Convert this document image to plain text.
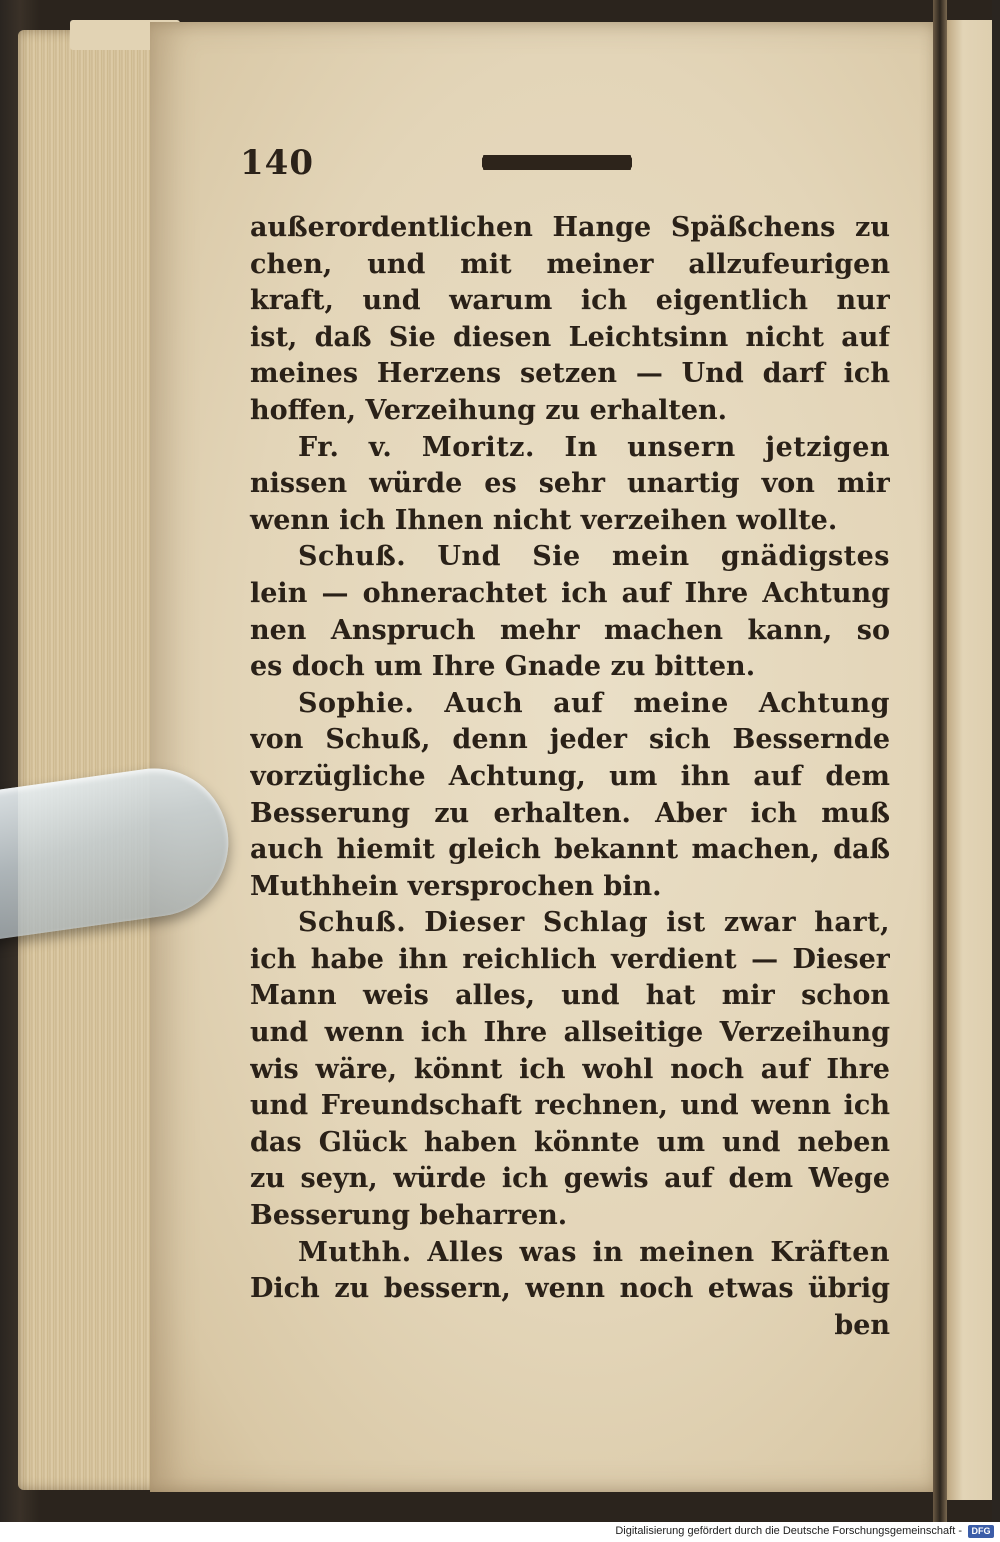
140
außerordentlichen Hange Späßchens zu
chen, und mit meiner allzufeurigen
kraft, und warum ich eigentlich nur
ist, daß Sie diesen Leichtsinn nicht auf
meines Herzens setzen — Und darf ich
hoffen, Verzeihung zu erhalten.
Fr. v. Moritz. In unsern jetzigen
nissen würde es sehr unartig von mir
wenn ich Ihnen nicht verzeihen wollte.
Schuß. Und Sie mein gnädigstes
lein — ohnerachtet ich auf Ihre Achtung
nen Anspruch mehr machen kann, so
es doch um Ihre Gnade zu bitten.
Sophie. Auch auf meine Achtung
von Schuß, denn jeder sich Bessernde
vorzügliche Achtung, um ihn auf dem
Besserung zu erhalten. Aber ich muß
auch hiemit gleich bekannt machen, daß
Muthhein versprochen bin.
Schuß. Dieser Schlag ist zwar hart,
ich habe ihn reichlich verdient — Dieser
Mann weis alles, und hat mir schon
und wenn ich Ihre allseitige Verzeihung
wis wäre, könnt ich wohl noch auf Ihre
und Freundschaft rechnen, und wenn ich
das Glück haben könnte um und neben
zu seyn, würde ich gewis auf dem Wege
Besserung beharren.
Muthh. Alles was in meinen Kräften
Dich zu bessern, wenn noch etwas übrig
ben
Digitalisierung gefördert durch die Deutsche Forschungsgemeinschaft -	DFG
